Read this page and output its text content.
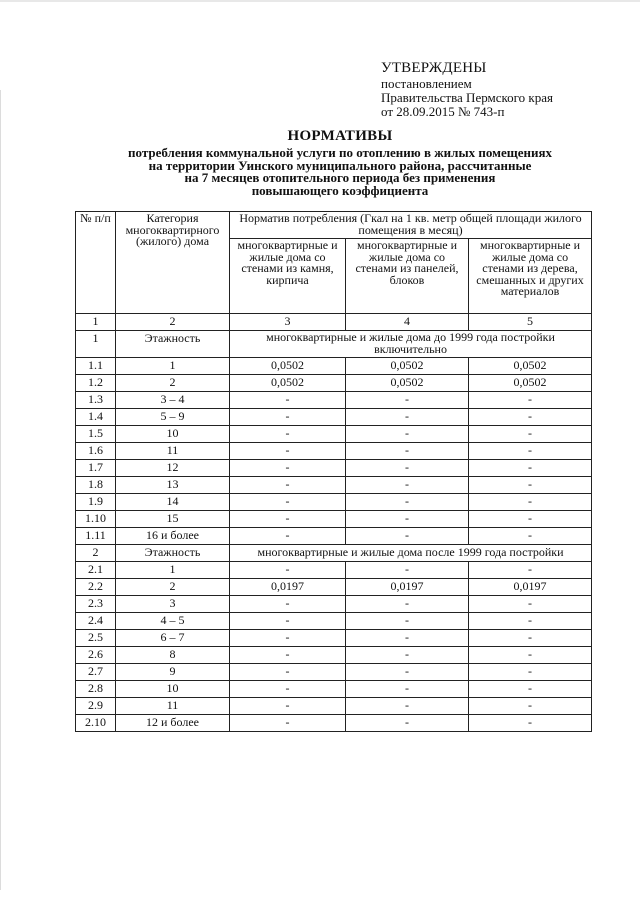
УТВЕРЖДЕНЫ
постановлением
Правительства Пермского края
от 28.09.2015 № 743-п
НОРМАТИВЫ
потребления коммунальной услуги по отоплению в жилых помещениях
на территории Уинского муниципального района, рассчитанные
на 7 месяцев отопительного периода без применения
повышающего коэффициента
№ п/п	Категория многоквартирного (жилого) дома	Норматив потребления (Гкал на 1 кв. метр общей площади жилого помещения в месяц)		
		многоквартирные и жилые дома со стенами из камня, кирпича	многоквартирные и жилые дома со стенами из панелей, блоков	многоквартирные и жилые дома со стенами из дерева, смешанных и других материалов
1	2	3	4	5
1	Этажность	многоквартирные и жилые дома до 1999 года постройки включительно		
1.1	1	0,0502	0,0502	0,0502
1.2	2	0,0502	0,0502	0,0502
1.3	3 – 4	-	-	-
1.4	5 – 9	-	-	-
1.5	10	-	-	-
1.6	11	-	-	-
1.7	12	-	-	-
1.8	13	-	-	-
1.9	14	-	-	-
1.10	15	-	-	-
1.11	16 и более	-	-	-
2	Этажность	многоквартирные и жилые дома после 1999 года постройки		
2.1	1	-	-	-
2.2	2	0,0197	0,0197	0,0197
2.3	3	-	-	-
2.4	4 – 5	-	-	-
2.5	6 – 7	-	-	-
2.6	8	-	-	-
2.7	9	-	-	-
2.8	10	-	-	-
2.9	11	-	-	-
2.10	12 и более	-	-	-
